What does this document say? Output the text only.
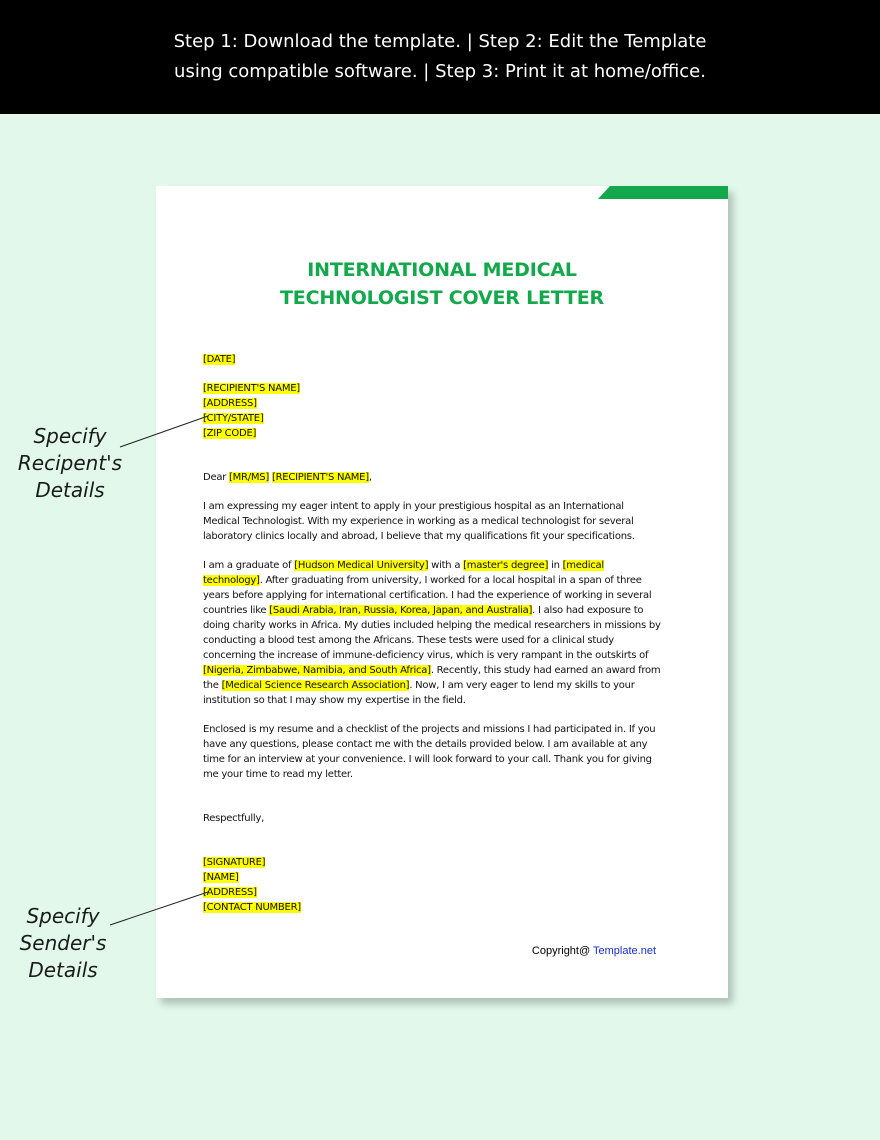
Step 1: Download the template. | Step 2: Edit the Template
using compatible software. | Step 3: Print it at home/office.
INTERNATIONAL MEDICAL
TECHNOLOGIST COVER LETTER
[DATE]
[RECIPIENT'S NAME]
[ADDRESS]
[CITY/STATE]
[ZIP CODE]
Dear [MR/MS] [RECIPIENT'S NAME],
I am expressing my eager intent to apply in your prestigious hospital as an International Medical Technologist. With my experience in working as a medical technologist for several laboratory clinics locally and abroad, I believe that my qualifications fit your specifications.
I am a graduate of [Hudson Medical University] with a [master's degree] in [medical technology]. After graduating from university, I worked for a local hospital in a span of three years before applying for international certification. I had the experience of working in several countries like [Saudi Arabia, Iran, Russia, Korea, Japan, and Australia]. I also had exposure to doing charity works in Africa. My duties included helping the medical researchers in missions by conducting a blood test among the Africans. These tests were used for a clinical study concerning the increase of immune-deficiency virus, which is very rampant in the outskirts of [Nigeria, Zimbabwe, Namibia, and South Africa]. Recently, this study had earned an award from the [Medical Science Research Association]. Now, I am very eager to lend my skills to your institution so that I may show my expertise in the field.
Enclosed is my resume and a checklist of the projects and missions I had participated in. If you have any questions, please contact me with the details provided below. I am available at any time for an interview at your convenience. I will look forward to your call. Thank you for giving me your time to read my letter.
Respectfully,
[SIGNATURE]
[NAME]
[ADDRESS]
[CONTACT NUMBER]
Copyright@ Template.net
Specify
Recipent's
Details
Specify
Sender's
Details
